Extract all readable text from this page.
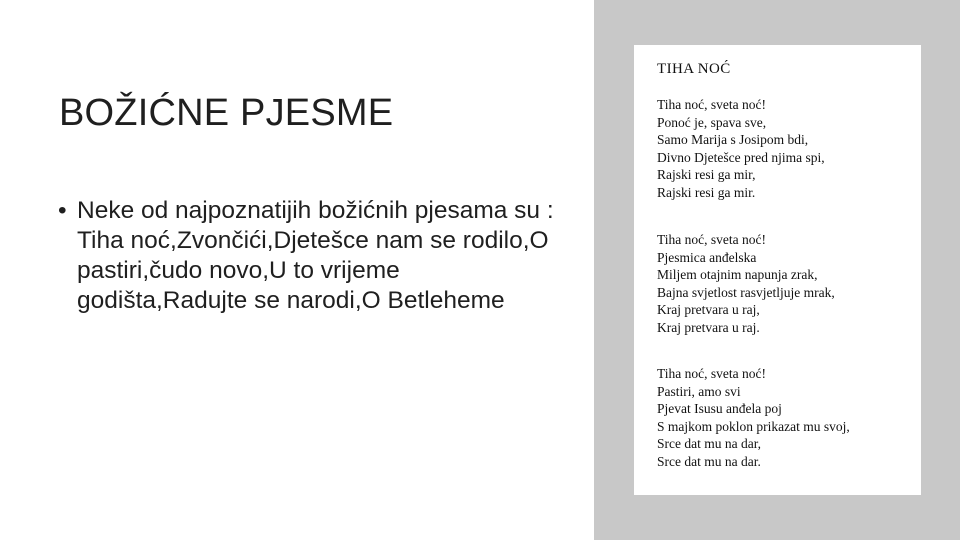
BOŽIĆNE PJESME
• Neke od najpoznatijih božićnih pjesama su : Tiha noć,Zvončići,Djetešce nam se rodilo,O pastiri,čudo novo,U to vrijeme godišta,Radujte se narodi,O Betleheme
TIHA NOĆ
Tiha noć, sveta noć!
Ponoć je, spava sve,
Samo Marija s Josipom bdi,
Divno Djetešce pred njima spi,
Rajski resi ga mir,
Rajski resi ga mir.
Tiha noć, sveta noć!
Pjesmica anđelska
Miljem otajnim napunja zrak,
Bajna svjetlost rasvjetljuje mrak,
Kraj pretvara u raj,
Kraj pretvara u raj.
Tiha noć, sveta noć!
Pastiri, amo svi
Pjevat Isusu anđela poj
S majkom poklon prikazat mu svoj,
Srce dat mu na dar,
Srce dat mu na dar.
